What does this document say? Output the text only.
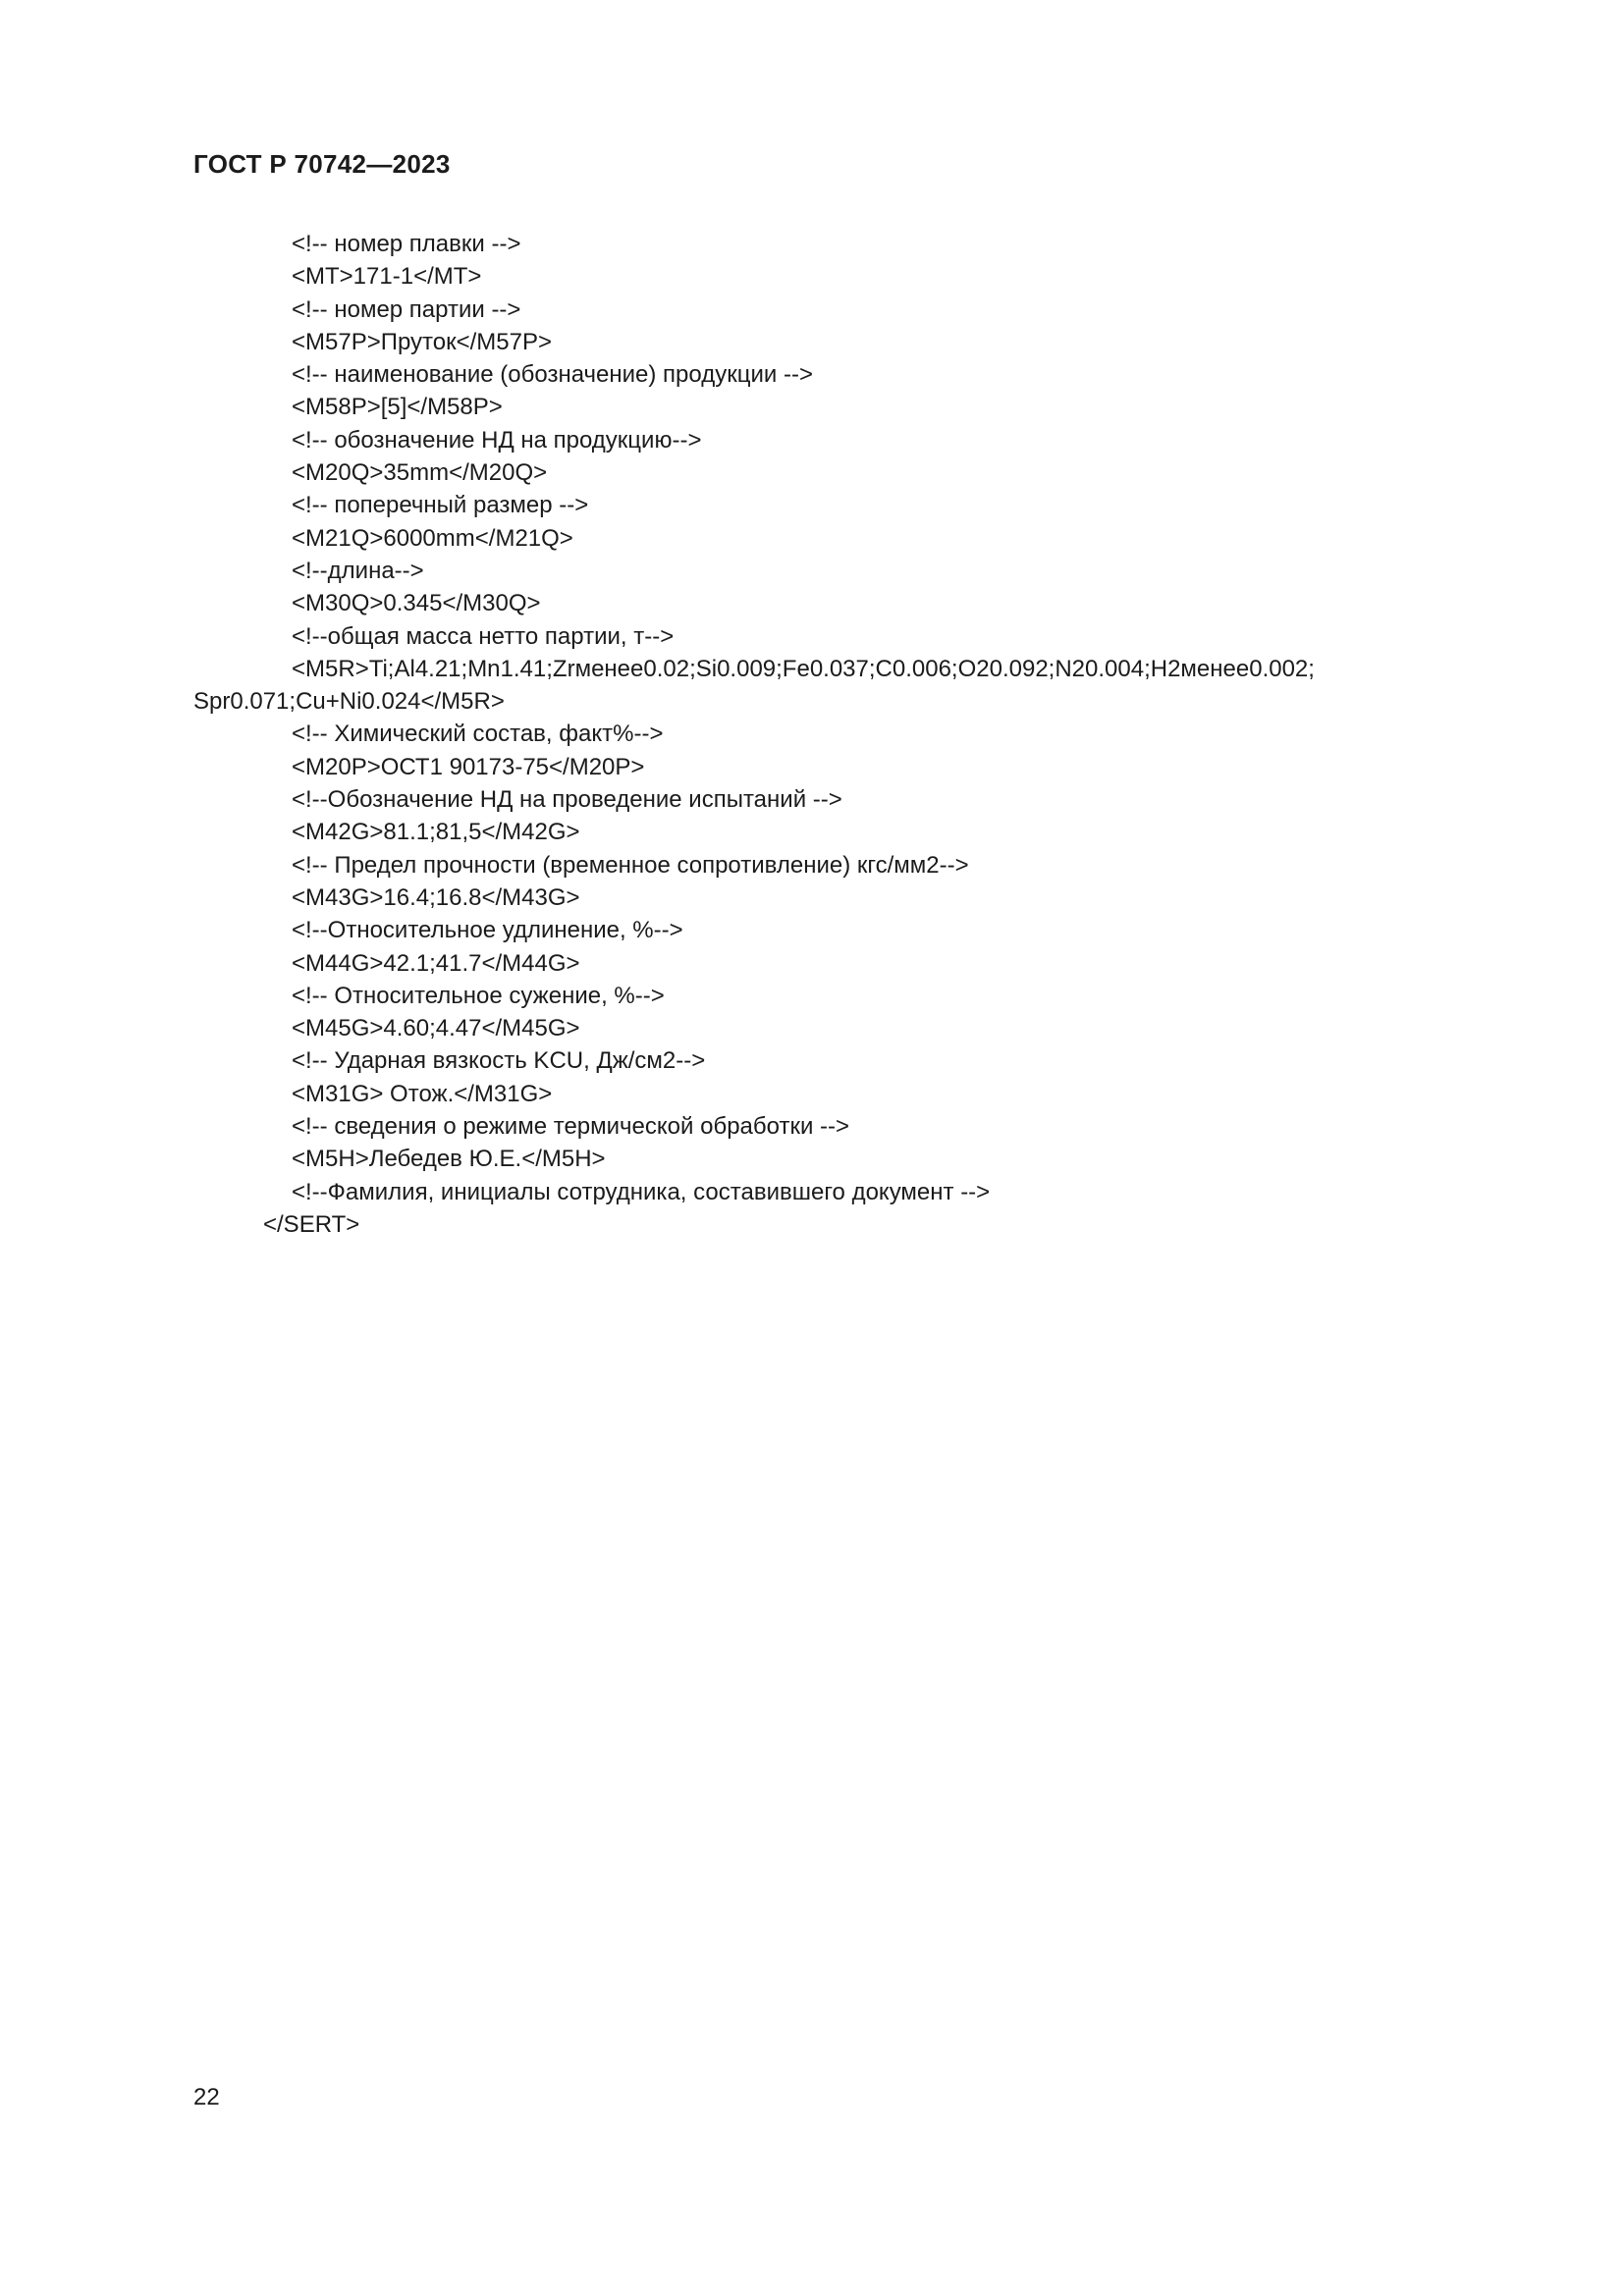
ГОСТ Р 70742—2023
<!-- номер плавки -->
<MT>171-1</MT>
<!-- номер партии -->
<M57P>Пруток</M57P>
<!-- наименование (обозначение) продукции -->
<M58P>[5]</M58P>
<!-- обозначение НД на продукцию-->
<M20Q>35mm</M20Q>
<!-- поперечный размер -->
<M21Q>6000mm</M21Q>
<!--длина-->
<M30Q>0.345</M30Q>
<!--общая масса нетто партии, т-->
<M5R>Ti;Al4.21;Mn1.41;Zrменее0.02;Si0.009;Fe0.037;C0.006;O20.092;N20.004;H2менее0.002;
Spr0.071;Cu+Ni0.024</M5R>
<!-- Химический состав, факт%-->
<M20P>ОСТ1 90173-75</M20P>
<!--Обозначение НД на проведение испытаний -->
<M42G>81.1;81,5</M42G>
<!-- Предел прочности (временное сопротивление) кгс/мм2-->
<M43G>16.4;16.8</M43G>
<!--Относительное удлинение, %-->
<M44G>42.1;41.7</M44G>
<!-- Относительное сужение, %-->
<M45G>4.60;4.47</M45G>
<!-- Ударная вязкость KCU, Дж/см2-->
<M31G> Отож.</M31G>
<!-- сведения о режиме термической обработки -->
<M5H>Лебедев Ю.Е.</M5H>
<!--Фамилия, инициалы сотрудника, составившего документ -->
</SERT>
22
